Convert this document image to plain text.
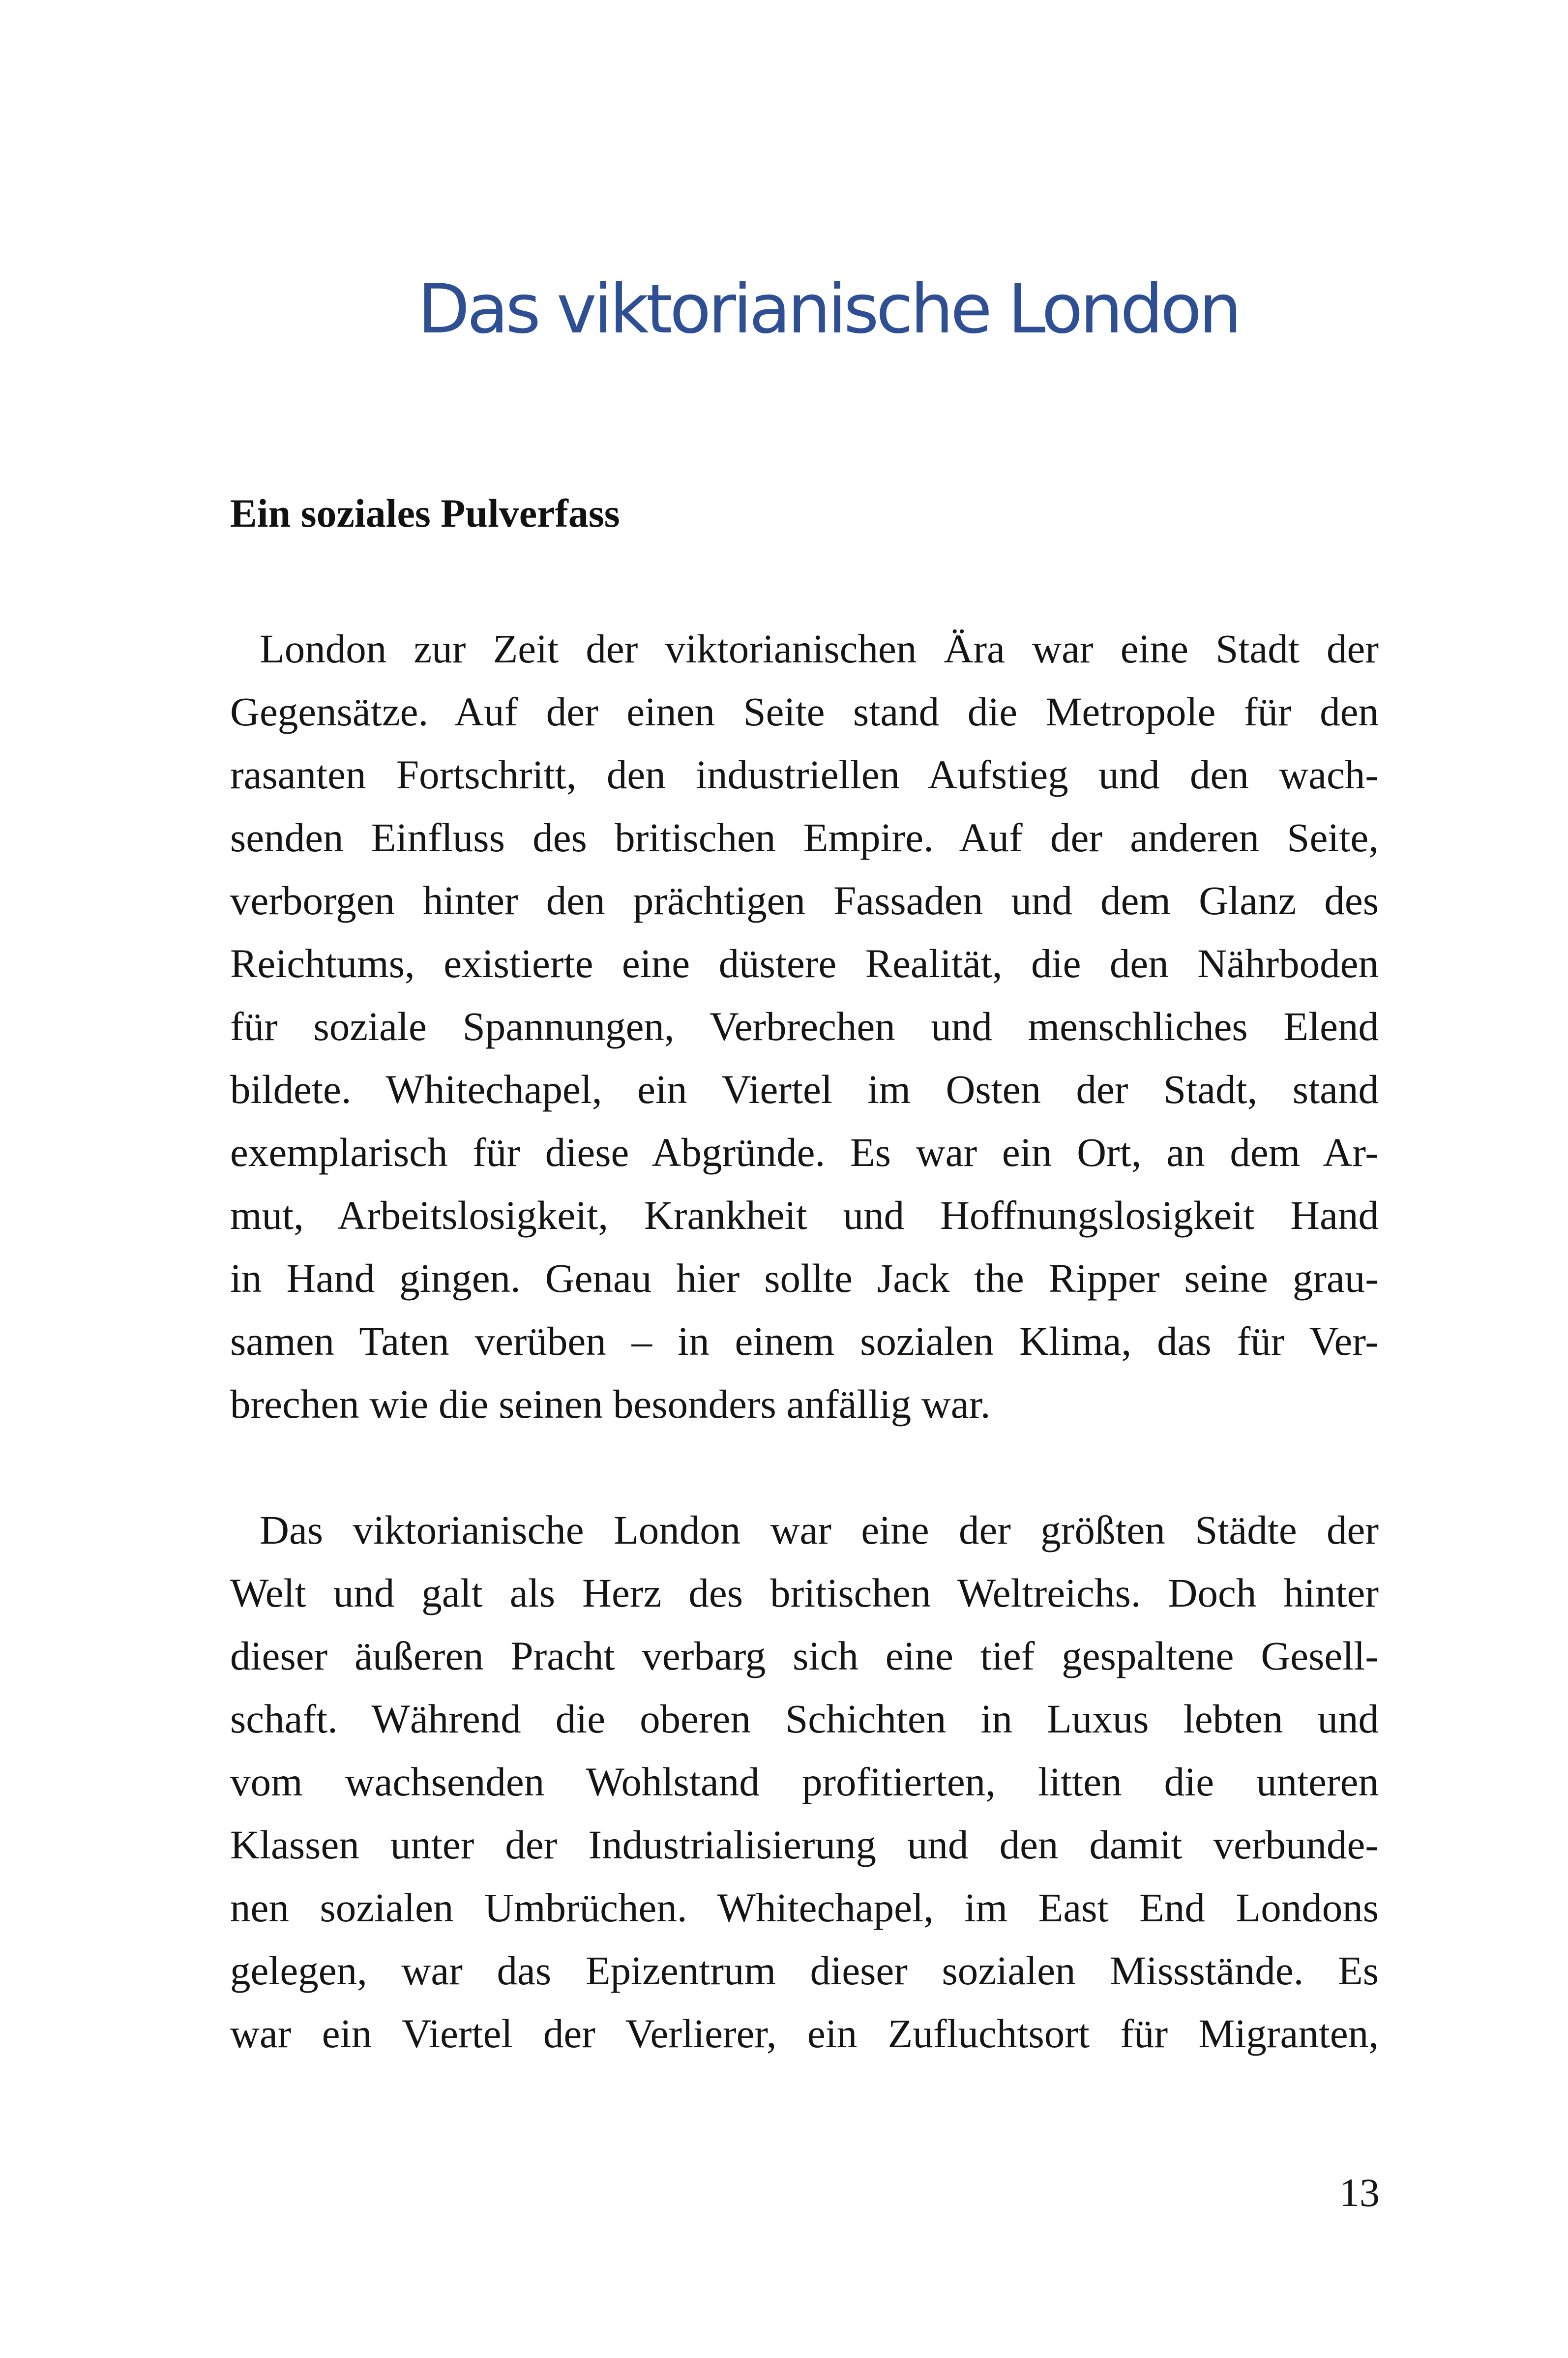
Das viktorianische London
Ein soziales Pulverfass
London zur Zeit der viktorianischen Ära war eine Stadt der
Gegensätze. Auf der einen Seite stand die Metropole für den
rasanten Fortschritt, den industriellen Aufstieg und den wach-
senden Einfluss des britischen Empire. Auf der anderen Seite,
verborgen hinter den prächtigen Fassaden und dem Glanz des
Reichtums, existierte eine düstere Realität, die den Nährboden
für soziale Spannungen, Verbrechen und menschliches Elend
bildete. Whitechapel, ein Viertel im Osten der Stadt, stand
exemplarisch für diese Abgründe. Es war ein Ort, an dem Ar-
mut, Arbeitslosigkeit, Krankheit und Hoffnungslosigkeit Hand
in Hand gingen. Genau hier sollte Jack the Ripper seine grau-
samen Taten verüben – in einem sozialen Klima, das für Ver-
brechen wie die seinen besonders anfällig war.
Das viktorianische London war eine der größten Städte der
Welt und galt als Herz des britischen Weltreichs. Doch hinter
dieser äußeren Pracht verbarg sich eine tief gespaltene Gesell-
schaft. Während die oberen Schichten in Luxus lebten und
vom wachsenden Wohlstand profitierten, litten die unteren
Klassen unter der Industrialisierung und den damit verbunde-
nen sozialen Umbrüchen. Whitechapel, im East End Londons
gelegen, war das Epizentrum dieser sozialen Missstände. Es
war ein Viertel der Verlierer, ein Zufluchtsort für Migranten,
13
